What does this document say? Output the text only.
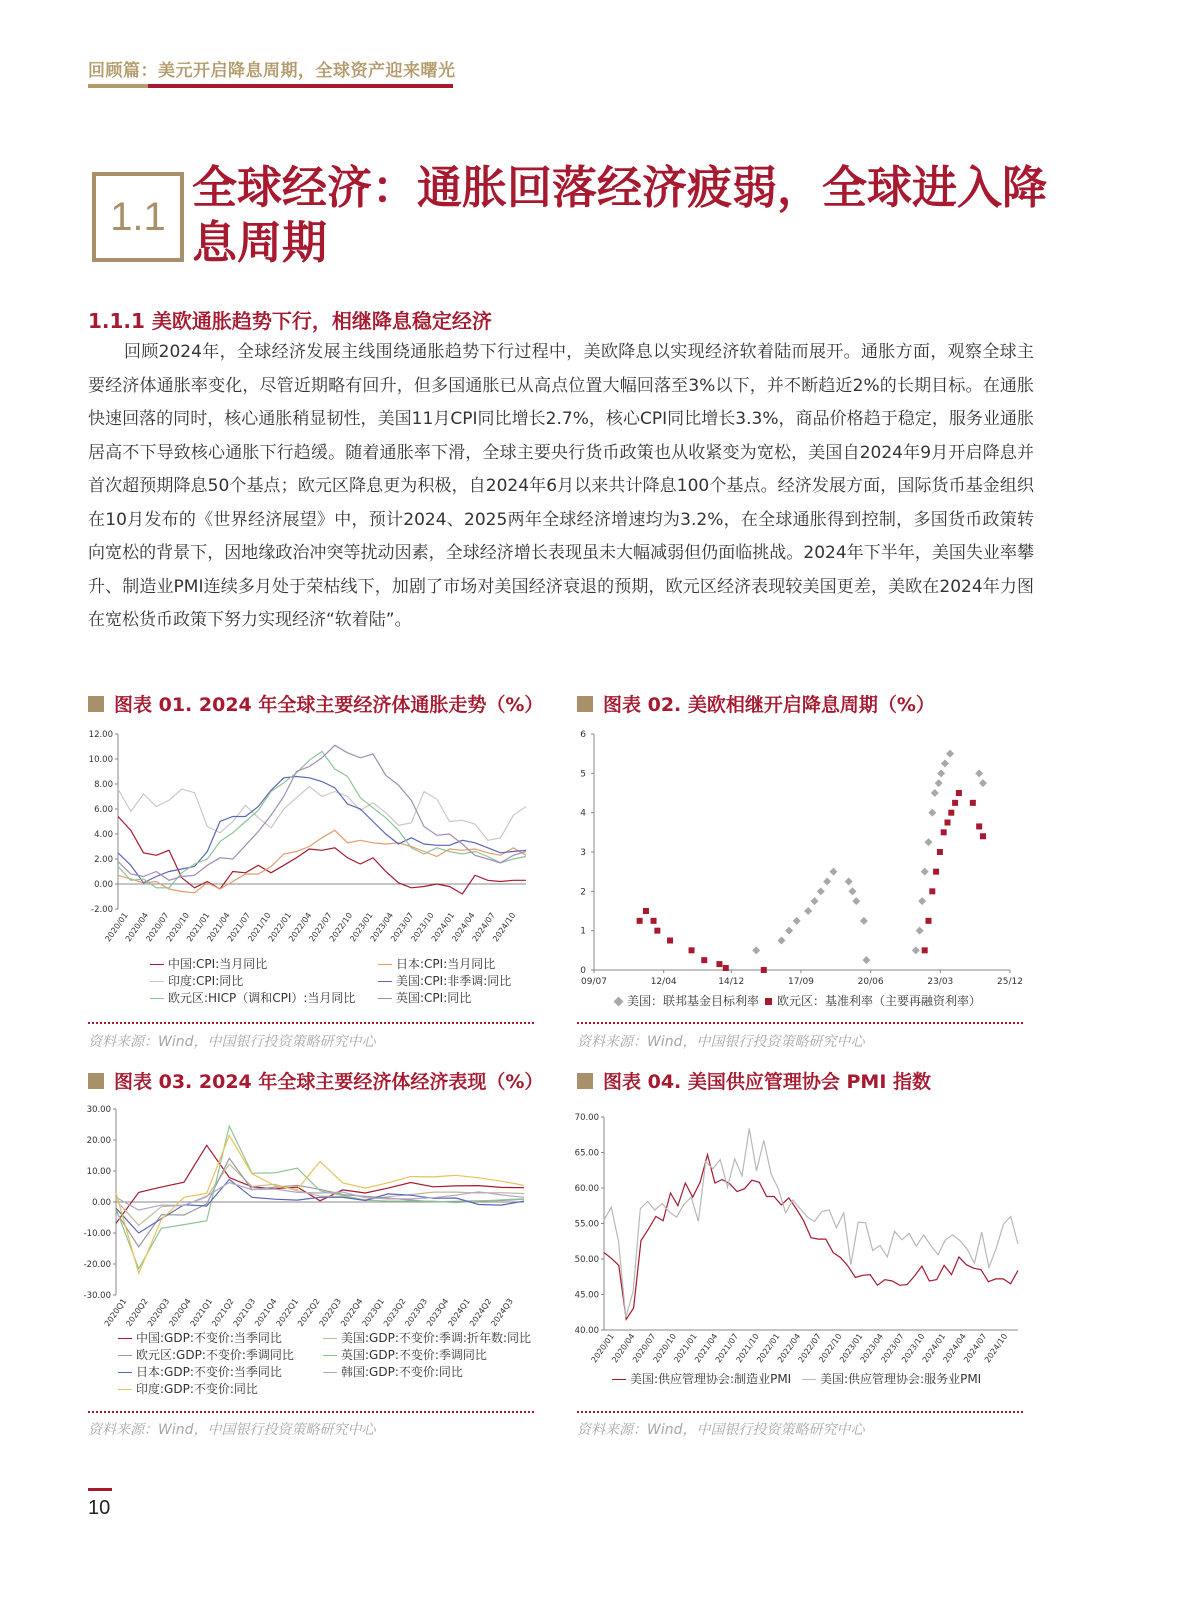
回顾篇：美元开启降息周期，全球资产迎来曙光
1.1
全球经济：通胀回落经济疲弱，全球进入降息周期
1.1.1 美欧通胀趋势下行，相继降息稳定经济

回顾2024年，全球经济发展主线围绕通胀趋势下行过程中，美欧降息以实现经济软着陆而展开。通胀方面，观察全球主要经济体通胀率变化，尽管近期略有回升，但多国通胀已从高点位置大幅回落至3%以下，并不断趋近2%的长期目标。在通胀快速回落的同时，核心通胀稍显韧性，美国11月CPI同比增长2.7%，核心CPI同比增长3.3%，商品价格趋于稳定，服务业通胀居高不下导致核心通胀下行趋缓。随着通胀率下滑，全球主要央行货币政策也从收紧变为宽松，美国自2024年9月开启降息并首次超预期降息50个基点；欧元区降息更为积极，自2024年6月以来共计降息100个基点。经济发展方面，国际货币基金组织在10月发布的《世界经济展望》中，预计2024、2025两年全球经济增速均为3.2%，在全球通胀得到控制，多国货币政策转向宽松的背景下，因地缘政治冲突等扰动因素，全球经济增长表现虽未大幅减弱但仍面临挑战。2024年下半年，美国失业率攀升、制造业PMI连续多月处于荣枯线下，加剧了市场对美国经济衰退的预期，欧元区经济表现较美国更差，美欧在2024年力图在宽松货币政策下努力实现经济“软着陆”。

图表 01. 2024 年全球主要经济体通胀走势（%）	图表 02. 美欧相继开启降息周期（%）
图表 03. 2024 年全球主要经济体经济表现（%）	图表 04. 美国供应管理协会 PMI 指数
12.00
10.00
8.00
6.00
4.00
2.00
0.00
-2.00
2020/01
2020/04
2020/07
2020/10
2021/01
2021/04
2021/07
2021/10
2022/01
2022/04
2022/07
2022/10
2023/01
2023/04
2023/07
2023/10
2024/01
2024/04
2024/07
2024/10
6
5
4
3
2
1
0
09/07	12/04	14/12	17/09	20/06	23/03	25/12
30.00
20.00
10.00
0.00
-10.00
-20.00
-30.00
2020Q1
2020Q2
2020Q3
2020Q4
2021Q1
2021Q2
2021Q3
2021Q4
2022Q1
2022Q2
2022Q3
2022Q4
2023Q1
2023Q2
2023Q3
2023Q4
2024Q1
2024Q2
2024Q3
70.00
65.00
60.00
55.00
50.00
45.00
40.00
2020/01
2020/04
2020/07
2020/10
2021/01
2021/04
2021/07
2021/10
2022/01
2022/04
2022/07
2022/10
2023/01
2023/04
2023/07
2023/10
2024/01
2024/04
2024/07
2024/10
中国:CPI:当月同比	日本:CPI:当月同比
印度:CPI:同比	美国:CPI:非季调:同比
欧元区:HICP（调和CPI）:当月同比	英国:CPI:同比	美国：联邦基金目标利率	欧元区：基准利率（主要再融资利率）
中国:GDP:不变价:当季同比	美国:GDP:不变价:季调:折年数:同比
欧元区:GDP:不变价:季调同比	英国:GDP:不变价:季调同比
日本:GDP:不变价:当季同比	韩国:GDP:不变价:同比
印度:GDP:不变价:同比
美国:供应管理协会:制造业PMI	美国:供应管理协会:服务业PMI
资料来源：Wind，中国银行投资策略研究中心	资料来源：Wind，中国银行投资策略研究中心
资料来源：Wind，中国银行投资策略研究中心	资料来源：Wind，中国银行投资策略研究中心
10
